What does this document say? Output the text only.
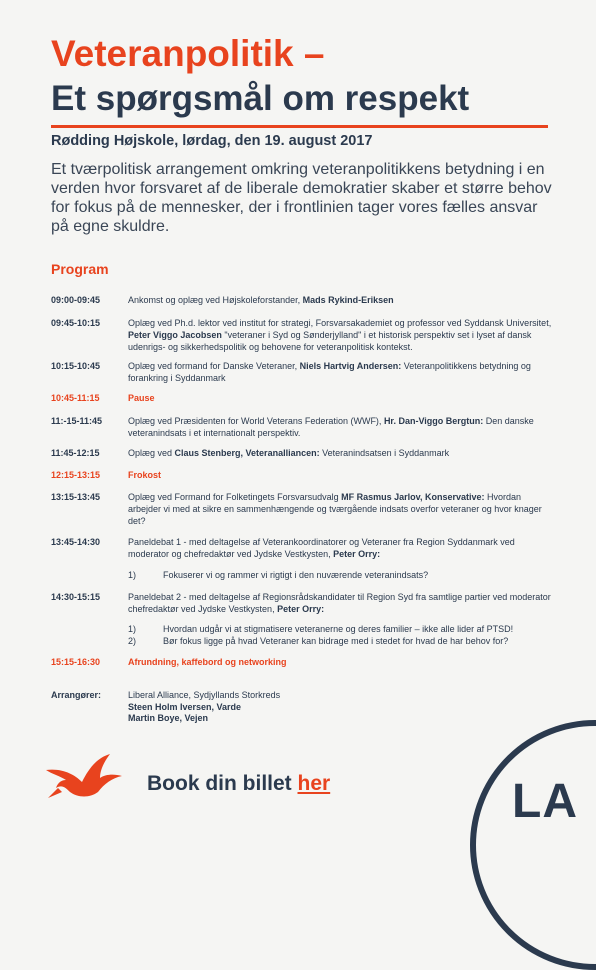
Veteranpolitik –
Et spørgsmål om respekt
Rødding Højskole, lørdag, den 19. august 2017
Et tværpolitisk arrangement omkring veteranpolitikkens betydning i en verden hvor forsvaret af de liberale demokratier skaber et større behov for fokus på de mennesker, der i frontlinien tager vores fælles ansvar på egne skuldre.
Program
09:00-09:45	Ankomst og oplæg ved Højskoleforstander, Mads Rykind-Eriksen
09:45-10:15	Oplæg ved Ph.d. lektor ved institut for strategi, Forsvarsakademiet og professor ved Syddansk Universitet, Peter Viggo Jacobsen "veteraner i Syd og Sønderjylland" i et historisk perspektiv set i lyset af dansk udenrigs- og sikkerhedspolitik og behovene for veteranpolitisk kontekst.
10:15-10:45	Oplæg ved formand for Danske Veteraner, Niels Hartvig Andersen: Veteranpolitikkens betydning og forankring i Syddanmark
10:45-11:15	Pause
11:-15-11:45	Oplæg ved Præsidenten for World Veterans Federation (WWF), Hr. Dan-Viggo Bergtun: Den danske veteranindsats i et internationalt perspektiv.
11:45-12:15	Oplæg ved Claus Stenberg, Veteranalliancen: Veteranindsatsen i Syddanmark
12:15-13:15	Frokost
13:15-13:45	Oplæg ved Formand for Folketingets Forsvarsudvalg MF Rasmus Jarlov, Konservative: Hvordan arbejder vi med at sikre en sammenhængende og tværgående indsats overfor veteraner og hvor knager det?
13:45-14:30	Paneldebat 1 - med deltagelse af Veterankoordinatorer og Veteraner fra Region Syddanmark ved moderator og chefredaktør ved Jydske Vestkysten, Peter Orry:
1)	Fokuserer vi og rammer vi rigtigt i den nuværende veteranindsats?
14:30-15:15	Paneldebat 2 - med deltagelse af Regionsrådskandidater til Region Syd fra samtlige partier ved moderator chefredaktør ved Jydske Vestkysten, Peter Orry:
1)	Hvordan udgår vi at stigmatisere veteranerne og deres familier – ikke alle lider af PTSD!
2)	Bør fokus ligge på hvad Veteraner kan bidrage med i stedet for hvad de har behov for?
15:15-16:30	Afrundning, kaffebord og networking
Arrangører:	Liberal Alliance, Sydjyllands Storkreds
Steen Holm Iversen, Varde
Martin Boye, Vejen
Book din billet her	LA
